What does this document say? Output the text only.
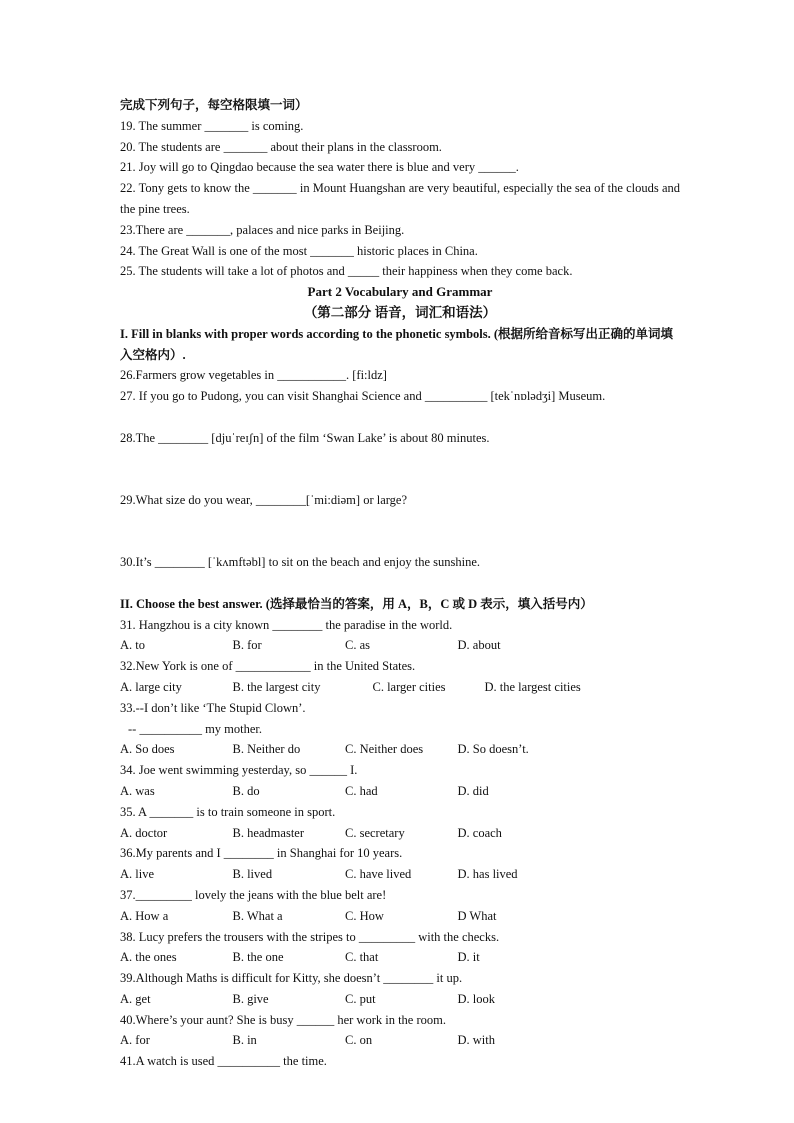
完成下列句子，每空格限填一词）
19. The summer _______ is coming.
20. The students are _______ about their plans in the classroom.
21. Joy will go to Qingdao because the sea water there is blue and very ______.
22. Tony gets to know the _______ in Mount Huangshan are very beautiful, especially the sea of the clouds and the pine trees.
23.There are _______, palaces and nice parks in Beijing.
24. The Great Wall is one of the most _______ historic places in China.
25. The students will take a lot of photos and _____ their happiness when they come back.
Part 2 Vocabulary and Grammar
（第二部分 语音，词汇和语法）
I. Fill in blanks with proper words according to the phonetic symbols. (根据所给音标写出正确的单词填入空格内）.
26.Farmers grow vegetables in ___________. [fi:ldz]
27. If you go to Pudong, you can visit Shanghai Science and __________ [tekˈnɒlədʒi] Museum.
28.The ________ [djuˈreɪʃn] of the film ‘Swan Lake’ is about 80 minutes.
29.What size do you wear, ________[ˈmi:diəm] or large?
30.It’s ________ [ˈkʌmftəbl] to sit on the beach and enjoy the sunshine.
II. Choose the best answer. (选择最恰当的答案，用 A，B，C 或 D 表示，填入括号内）
31. Hangzhou is a city known ________ the paradise in the world.
A. to	B. for	C. as	D. about
32.New York is one of ____________ in the United States.
A. large city	B. the largest city	C. larger cities	D. the largest cities
33.--I don’t like ‘The Stupid Clown’.
-- __________ my mother.
A. So does	B. Neither do	C. Neither does	D. So doesn’t.
34. Joe went swimming yesterday, so ______ I.
A. was	B. do	C. had	D. did
35. A _______ is to train someone in sport.
A. doctor	B. headmaster	C. secretary	D. coach
36.My parents and I ________ in Shanghai for 10 years.
A. live	B. lived	C. have lived	D. has lived
37._________ lovely the jeans with the blue belt are!
A. How a	B. What a	C. How	D What
38. Lucy prefers the trousers with the stripes to _________ with the checks.
A. the ones	B. the one	C. that	D. it
39.Although Maths is difficult for Kitty, she doesn’t ________ it up.
A. get	B. give	C. put	D. look
40.Where’s your aunt? She is busy ______ her work in the room.
A. for	B. in	C. on	D. with
41.A watch is used __________ the time.
